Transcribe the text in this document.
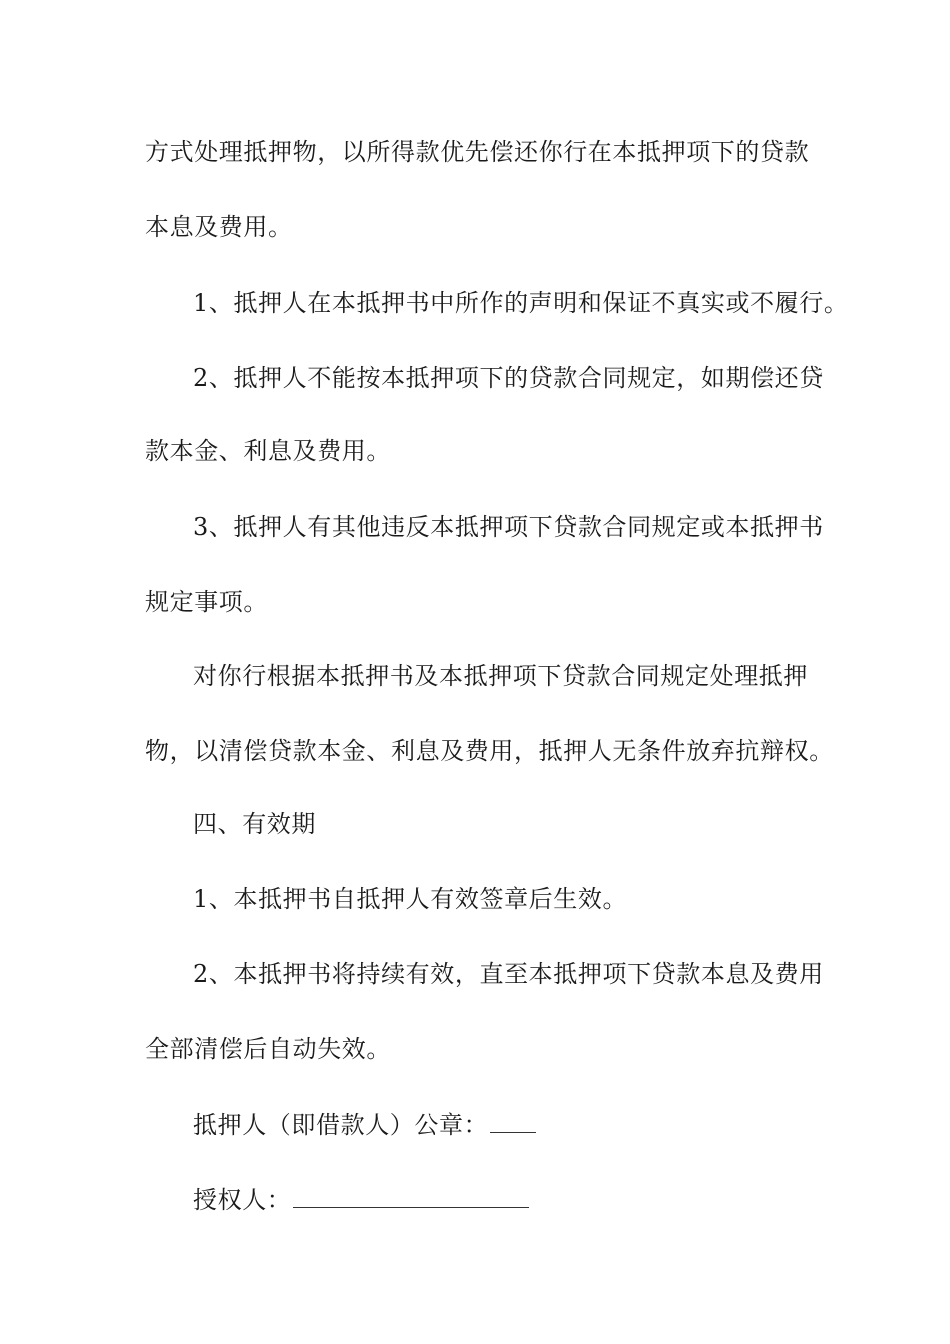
方式处理抵押物，以所得款优先偿还你行在本抵押项下的贷款
本息及费用。
1、抵押人在本抵押书中所作的声明和保证不真实或不履行。
2、抵押人不能按本抵押项下的贷款合同规定，如期偿还贷
款本金、利息及费用。
3、抵押人有其他违反本抵押项下贷款合同规定或本抵押书
规定事项。
对你行根据本抵押书及本抵押项下贷款合同规定处理抵押
物，以清偿贷款本金、利息及费用，抵押人无条件放弃抗辩权。
四、有效期
1、本抵押书自抵押人有效签章后生效。
2、本抵押书将持续有效，直至本抵押项下贷款本息及费用
全部清偿后自动失效。
抵押人（即借款人）公章：
授权人：
